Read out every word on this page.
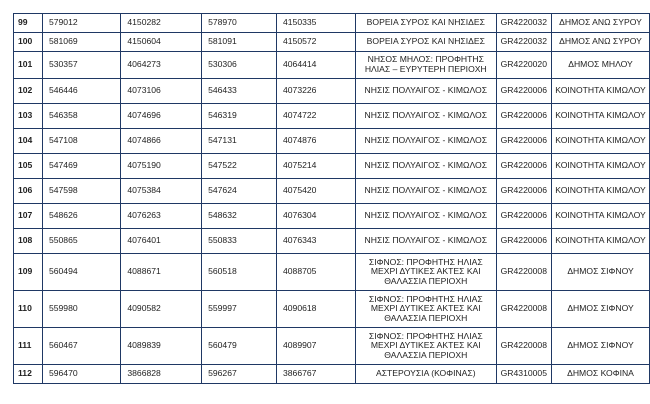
99	579012	4150282	578970	4150335	ΒΟΡΕΙΑ ΣΥΡΟΣ ΚΑΙ ΝΗΣΙΔΕΣ	GR4220032	ΔΗΜΟΣ ΑΝΩ ΣΥΡΟΥ
100	581069	4150604	581091	4150572	ΒΟΡΕΙΑ ΣΥΡΟΣ ΚΑΙ ΝΗΣΙΔΕΣ	GR4220032	ΔΗΜΟΣ ΑΝΩ ΣΥΡΟΥ
101	530357	4064273	530306	4064414	ΝΗΣΟΣ ΜΗΛΟΣ: ΠΡΟΦΗΤΗΣ ΗΛΙΑΣ – ΕΥΡΥΤΕΡΗ ΠΕΡΙΟΧΗ	GR4220020	ΔΗΜΟΣ ΜΗΛΟΥ
102	546446	4073106	546433	4073226	ΝΗΣΙΣ ΠΟΛΥΑΙΓΟΣ - ΚΙΜΩΛΟΣ	GR4220006	ΚΟΙΝΟΤΗΤΑ ΚΙΜΩΛΟΥ
103	546358	4074696	546319	4074722	ΝΗΣΙΣ ΠΟΛΥΑΙΓΟΣ - ΚΙΜΩΛΟΣ	GR4220006	ΚΟΙΝΟΤΗΤΑ ΚΙΜΩΛΟΥ
104	547108	4074866	547131	4074876	ΝΗΣΙΣ ΠΟΛΥΑΙΓΟΣ - ΚΙΜΩΛΟΣ	GR4220006	ΚΟΙΝΟΤΗΤΑ ΚΙΜΩΛΟΥ
105	547469	4075190	547522	4075214	ΝΗΣΙΣ ΠΟΛΥΑΙΓΟΣ - ΚΙΜΩΛΟΣ	GR4220006	ΚΟΙΝΟΤΗΤΑ ΚΙΜΩΛΟΥ
106	547598	4075384	547624	4075420	ΝΗΣΙΣ ΠΟΛΥΑΙΓΟΣ - ΚΙΜΩΛΟΣ	GR4220006	ΚΟΙΝΟΤΗΤΑ ΚΙΜΩΛΟΥ
107	548626	4076263	548632	4076304	ΝΗΣΙΣ ΠΟΛΥΑΙΓΟΣ - ΚΙΜΩΛΟΣ	GR4220006	ΚΟΙΝΟΤΗΤΑ ΚΙΜΩΛΟΥ
108	550865	4076401	550833	4076343	ΝΗΣΙΣ ΠΟΛΥΑΙΓΟΣ - ΚΙΜΩΛΟΣ	GR4220006	ΚΟΙΝΟΤΗΤΑ ΚΙΜΩΛΟΥ
109	560494	4088671	560518	4088705	ΣΙΦΝΟΣ: ΠΡΟΦΗΤΗΣ ΗΛΙΑΣ ΜΕΧΡΙ ΔΥΤΙΚΕΣ ΑΚΤΕΣ ΚΑΙ ΘΑΛΑΣΣΙΑ ΠΕΡΙΟΧΗ	GR4220008	ΔΗΜΟΣ ΣΙΦΝΟΥ
110	559980	4090582	559997	4090618	ΣΙΦΝΟΣ: ΠΡΟΦΗΤΗΣ ΗΛΙΑΣ ΜΕΧΡΙ ΔΥΤΙΚΕΣ ΑΚΤΕΣ ΚΑΙ ΘΑΛΑΣΣΙΑ ΠΕΡΙΟΧΗ	GR4220008	ΔΗΜΟΣ ΣΙΦΝΟΥ
111	560467	4089839	560479	4089907	ΣΙΦΝΟΣ: ΠΡΟΦΗΤΗΣ ΗΛΙΑΣ ΜΕΧΡΙ ΔΥΤΙΚΕΣ ΑΚΤΕΣ ΚΑΙ ΘΑΛΑΣΣΙΑ ΠΕΡΙΟΧΗ	GR4220008	ΔΗΜΟΣ ΣΙΦΝΟΥ
112	596470	3866828	596267	3866767	ΑΣΤΕΡΟΥΣΙΑ (ΚΟΦΙΝΑΣ)	GR4310005	ΔΗΜΟΣ ΚΟΦΙΝΑ
